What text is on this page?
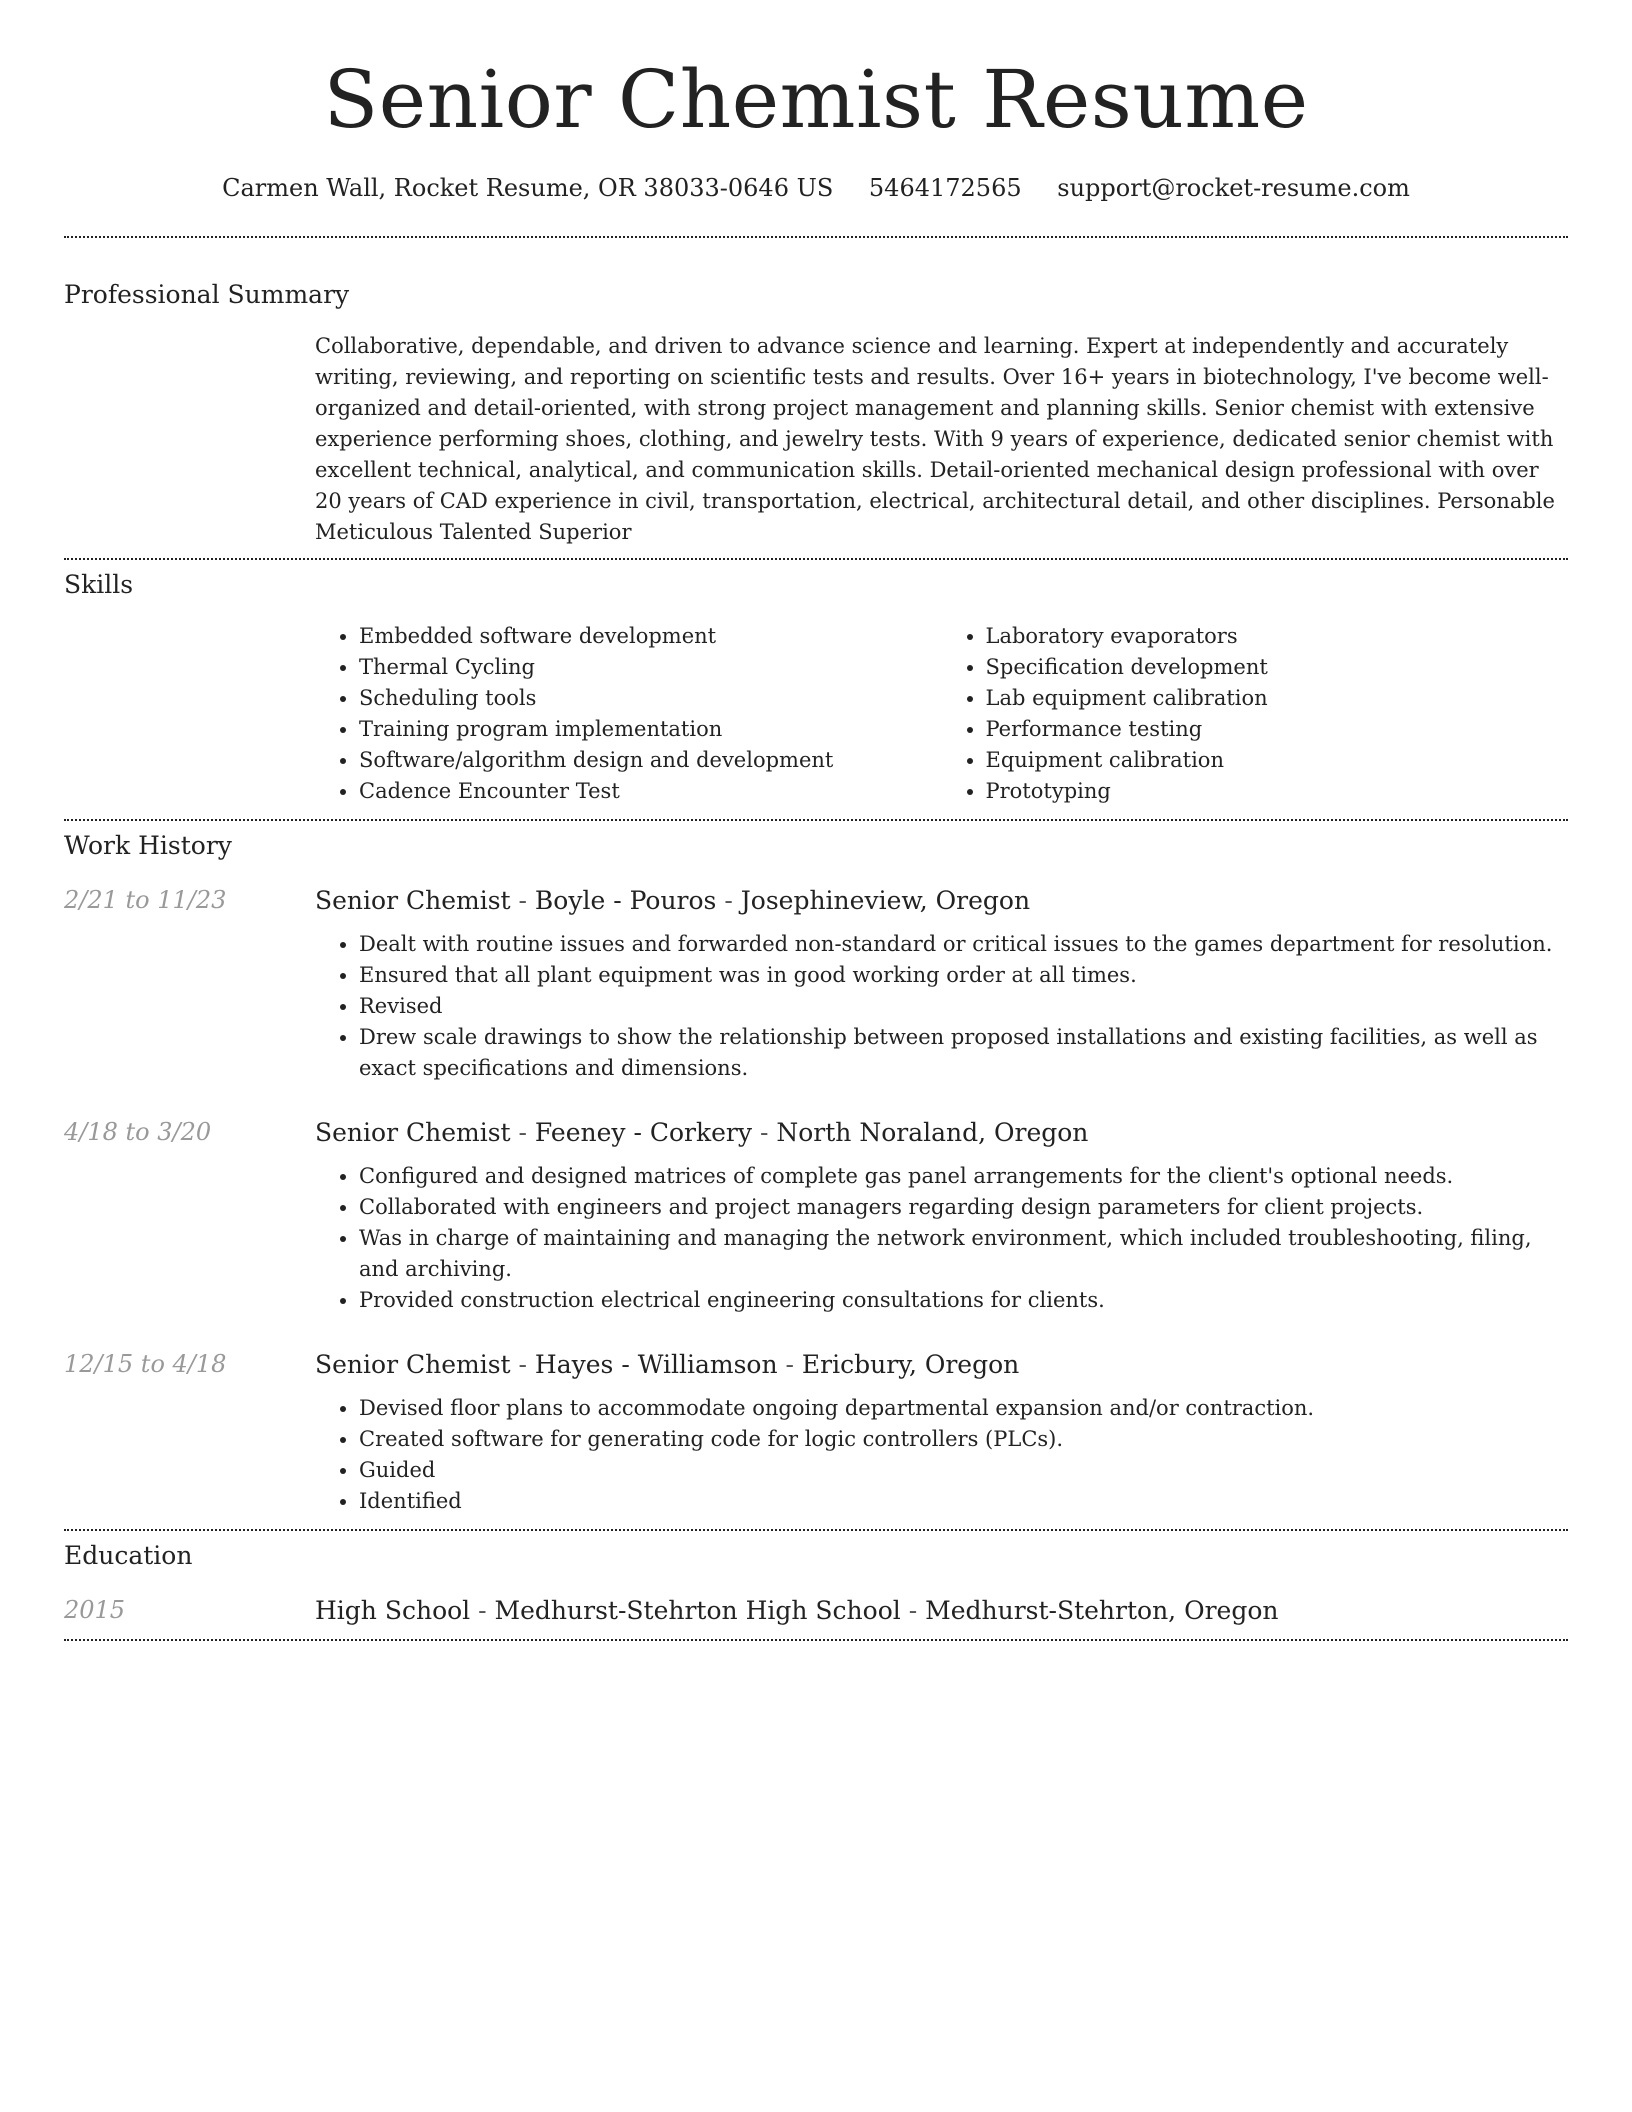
Senior Chemist Resume
Carmen Wall, Rocket Resume, OR 38033-0646 US 5464172565 support@rocket-resume.com
Professional Summary
Collaborative, dependable, and driven to advance science and learning. Expert at independently and accurately writing, reviewing, and reporting on scientific tests and results. Over 16+ years in biotechnology, I've become well-organized and detail-oriented, with strong project management and planning skills. Senior chemist with extensive experience performing shoes, clothing, and jewelry tests. With 9 years of experience, dedicated senior chemist with excellent technical, analytical, and communication skills. Detail-oriented mechanical design professional with over 20 years of CAD experience in civil, transportation, electrical, architectural detail, and other disciplines. Personable Meticulous Talented Superior
Skills
• Embedded software development
• Thermal Cycling
• Scheduling tools
• Training program implementation
• Software/algorithm design and development
• Cadence Encounter Test
• Laboratory evaporators
• Specification development
• Lab equipment calibration
• Performance testing
• Equipment calibration
• Prototyping
Work History
2/21 to 11/23	Senior Chemist - Boyle - Pouros - Josephineview, Oregon
• Dealt with routine issues and forwarded non-standard or critical issues to the games department for resolution.
• Ensured that all plant equipment was in good working order at all times.
• Revised
• Drew scale drawings to show the relationship between proposed installations and existing facilities, as well as exact specifications and dimensions.
4/18 to 3/20	Senior Chemist - Feeney - Corkery - North Noraland, Oregon
• Configured and designed matrices of complete gas panel arrangements for the client's optional needs.
• Collaborated with engineers and project managers regarding design parameters for client projects.
• Was in charge of maintaining and managing the network environment, which included troubleshooting, filing, and archiving.
• Provided construction electrical engineering consultations for clients.
12/15 to 4/18	Senior Chemist - Hayes - Williamson - Ericbury, Oregon
• Devised floor plans to accommodate ongoing departmental expansion and/or contraction.
• Created software for generating code for logic controllers (PLCs).
• Guided
• Identified
Education
2015	High School - Medhurst-Stehrton High School - Medhurst-Stehrton, Oregon
